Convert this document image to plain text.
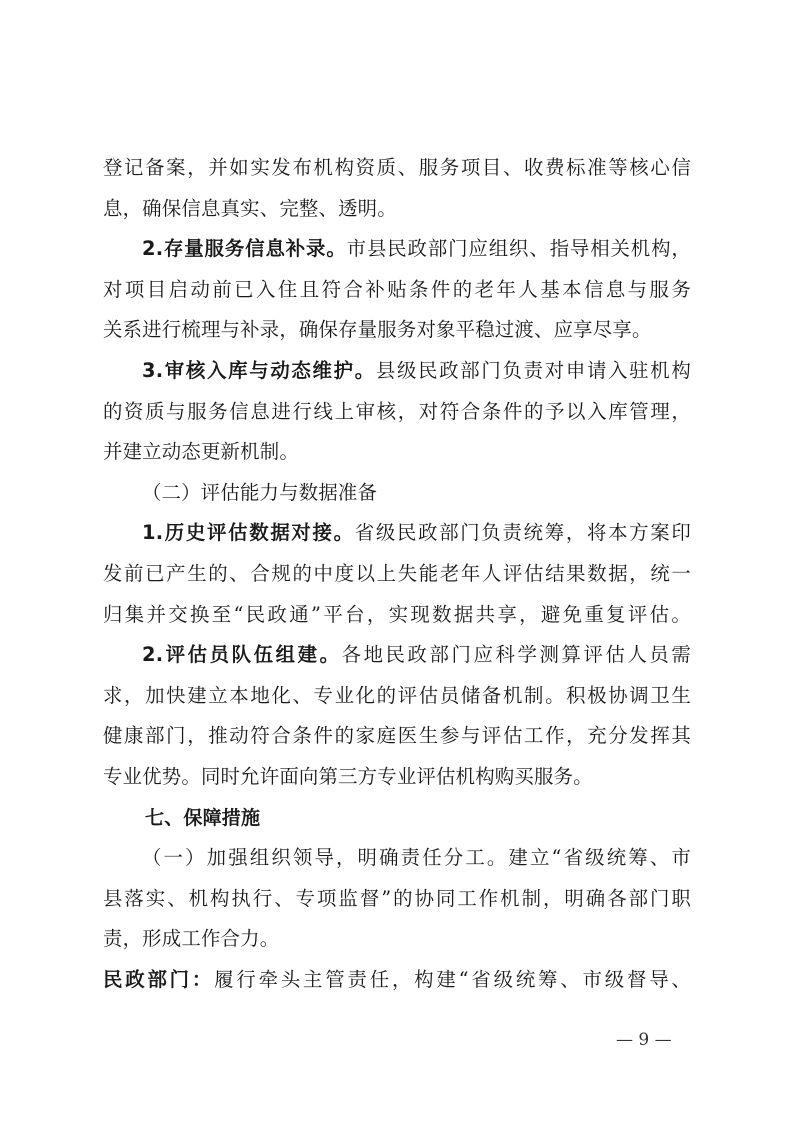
登记备案，并如实发布机构资质、服务项目、收费标准等核心信
息，确保信息真实、完整、透明。
2.存量服务信息补录。市县民政部门应组织、指导相关机构，
对项目启动前已入住且符合补贴条件的老年人基本信息与服务
关系进行梳理与补录，确保存量服务对象平稳过渡、应享尽享。
3.审核入库与动态维护。县级民政部门负责对申请入驻机构
的资质与服务信息进行线上审核，对符合条件的予以入库管理，
并建立动态更新机制。
（二）评估能力与数据准备
1.历史评估数据对接。省级民政部门负责统筹，将本方案印
发前已产生的、合规的中度以上失能老年人评估结果数据，统一
归集并交换至“民政通”平台，实现数据共享，避免重复评估。
2.评估员队伍组建。各地民政部门应科学测算评估人员需
求，加快建立本地化、专业化的评估员储备机制。积极协调卫生
健康部门，推动符合条件的家庭医生参与评估工作，充分发挥其
专业优势。同时允许面向第三方专业评估机构购买服务。
七、保障措施
（一）加强组织领导，明确责任分工。建立“省级统筹、市
县落实、机构执行、专项监督”的协同工作机制，明确各部门职
责，形成工作合力。
民政部门：履行牵头主管责任，构建“省级统筹、市级督导、
— 9 —
